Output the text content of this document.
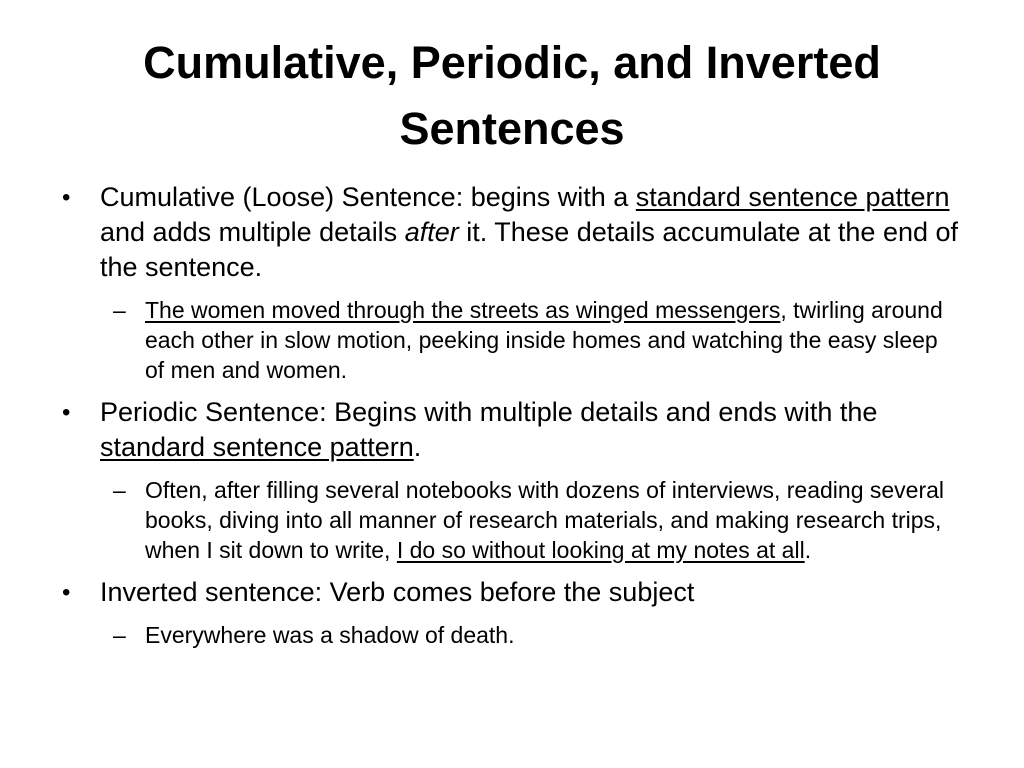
Cumulative, Periodic, and Inverted Sentences
•	Cumulative (Loose) Sentence: begins with a standard sentence pattern and adds multiple details after it. These details accumulate at the end of the sentence.
– The women moved through the streets as winged messengers, twirling around each other in slow motion, peeking inside homes and watching the easy sleep of men and women.
•	Periodic Sentence: Begins with multiple details and ends with the standard sentence pattern.
– Often, after filling several notebooks with dozens of interviews, reading several books, diving into all manner of research materials, and making research trips, when I sit down to write, I do so without looking at my notes at all.
•	Inverted sentence: Verb comes before the subject
– Everywhere was a shadow of death.
